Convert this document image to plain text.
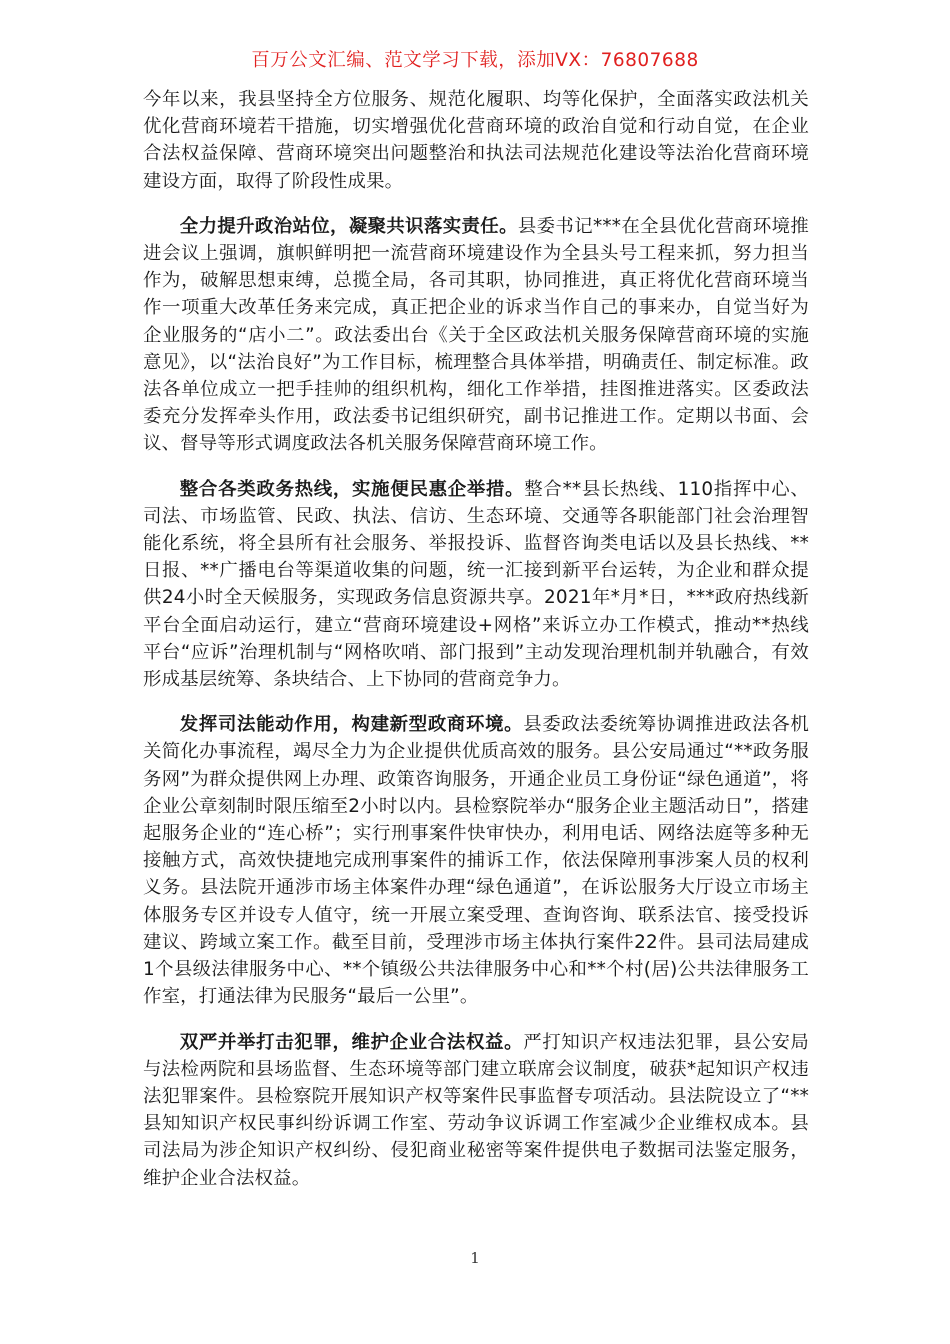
百万公文汇编、范文学习下载，添加VX：76807688

今年以来，我县坚持全方位服务、规范化履职、均等化保护，全面落实政法机关优化营商环境若干措施，切实增强优化营商环境的政治自觉和行动自觉，在企业合法权益保障、营商环境突出问题整治和执法司法规范化建设等法治化营商环境建设方面，取得了阶段性成果。

全力提升政治站位，凝聚共识落实责任。县委书记***在全县优化营商环境推进会议上强调，旗帜鲜明把一流营商环境建设作为全县头号工程来抓，努力担当作为，破解思想束缚，总揽全局，各司其职，协同推进，真正将优化营商环境当作一项重大改革任务来完成，真正把企业的诉求当作自己的事来办，自觉当好为企业服务的“店小二”。政法委出台《关于全区政法机关服务保障营商环境的实施意见》，以“法治良好”为工作目标，梳理整合具体举措，明确责任、制定标准。政法各单位成立一把手挂帅的组织机构，细化工作举措，挂图推进落实。区委政法委充分发挥牵头作用，政法委书记组织研究，副书记推进工作。定期以书面、会议、督导等形式调度政法各机关服务保障营商环境工作。

整合各类政务热线，实施便民惠企举措。整合**县长热线、110指挥中心、司法、市场监管、民政、执法、信访、生态环境、交通等各职能部门社会治理智能化系统，将全县所有社会服务、举报投诉、监督咨询类电话以及县长热线、**日报、**广播电台等渠道收集的问题，统一汇接到新平台运转，为企业和群众提供24小时全天候服务，实现政务信息资源共享。2021年*月*日，***政府热线新平台全面启动运行，建立“营商环境建设+网格”来诉立办工作模式，推动**热线平台“应诉”治理机制与“网格吹哨、部门报到”主动发现治理机制并轨融合，有效形成基层统筹、条块结合、上下协同的营商竞争力。

发挥司法能动作用，构建新型政商环境。县委政法委统筹协调推进政法各机关简化办事流程，竭尽全力为企业提供优质高效的服务。县公安局通过“**政务服务网”为群众提供网上办理、政策咨询服务，开通企业员工身份证“绿色通道”，将企业公章刻制时限压缩至2小时以内。县检察院举办“服务企业主题活动日”，搭建起服务企业的“连心桥”；实行刑事案件快审快办，利用电话、网络法庭等多种无接触方式，高效快捷地完成刑事案件的捕诉工作，依法保障刑事涉案人员的权利义务。县法院开通涉市场主体案件办理“绿色通道”，在诉讼服务大厅设立市场主体服务专区并设专人值守，统一开展立案受理、查询咨询、联系法官、接受投诉建议、跨域立案工作。截至目前，受理涉市场主体执行案件22件。县司法局建成1个县级法律服务中心、**个镇级公共法律服务中心和**个村(居)公共法律服务工作室，打通法律为民服务“最后一公里”。

双严并举打击犯罪，维护企业合法权益。严打知识产权违法犯罪，县公安局与法检两院和县场监督、生态环境等部门建立联席会议制度，破获*起知识产权违法犯罪案件。县检察院开展知识产权等案件民事监督专项活动。县法院设立了“**县知知识产权民事纠纷诉调工作室、劳动争议诉调工作室减少企业维权成本。县司法局为涉企知识产权纠纷、侵犯商业秘密等案件提供电子数据司法鉴定服务，维护企业合法权益。

1
